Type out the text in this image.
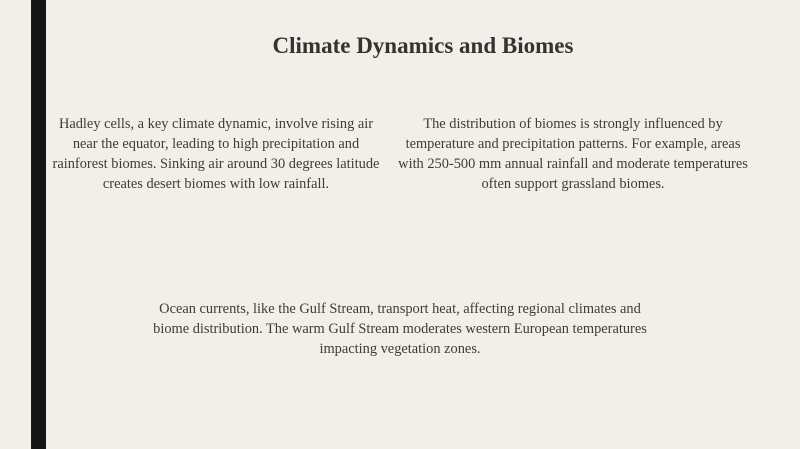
Climate Dynamics and Biomes

Hadley cells, a key climate dynamic, involve rising air near the equator, leading to high precipitation and rainforest biomes. Sinking air around 30 degrees latitude creates desert biomes with low rainfall.

The distribution of biomes is strongly influenced by temperature and precipitation patterns. For example, areas with 250-500 mm annual rainfall and moderate temperatures often support grassland biomes.

Ocean currents, like the Gulf Stream, transport heat, affecting regional climates and biome distribution. The warm Gulf Stream moderates western European temperatures impacting vegetation zones.
